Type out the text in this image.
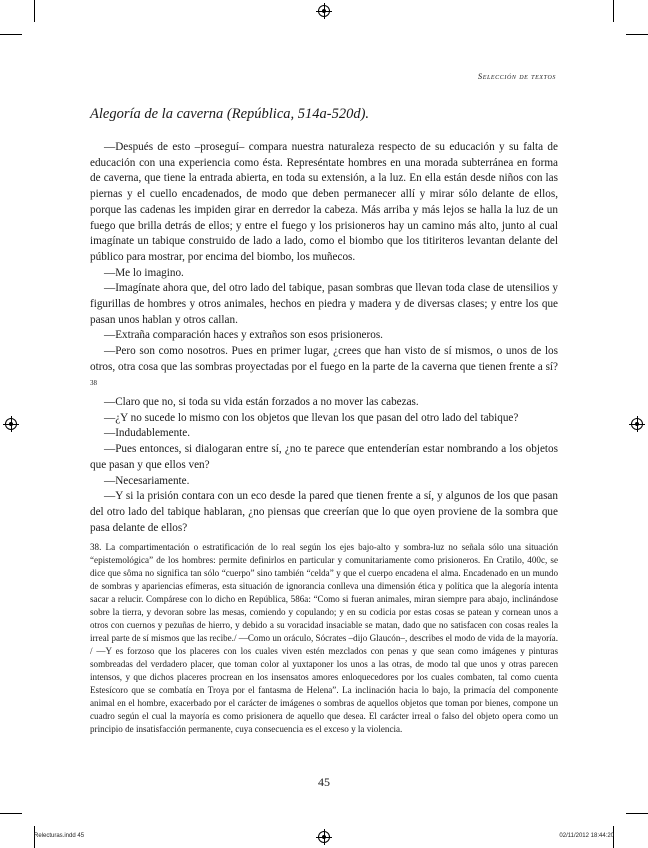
Selección de textos
Alegoría de la caverna (República, 514a-520d).

—Después de esto –proseguí– compara nuestra naturaleza respecto de su educación y su falta de educación con una experiencia como ésta. Represéntate hombres en una morada subterránea en forma de caverna, que tiene la entrada abierta, en toda su extensión, a la luz. En ella están desde niños con las piernas y el cuello encadenados, de modo que deben permanecer allí y mirar sólo delante de ellos, porque las cadenas les impiden girar en derredor la cabeza. Más arriba y más lejos se halla la luz de un fuego que brilla detrás de ellos; y entre el fuego y los prisioneros hay un camino más alto, junto al cual imagínate un tabique construido de lado a lado, como el biombo que los titiriteros levantan delante del público para mostrar, por encima del biombo, los muñecos.

—Me lo imagino.

—Imagínate ahora que, del otro lado del tabique, pasan sombras que llevan toda clase de utensilios y figurillas de hombres y otros animales, hechos en piedra y madera y de diversas clases; y entre los que pasan unos hablan y otros callan.

—Extraña comparación haces y extraños son esos prisioneros.

—Pero son como nosotros. Pues en primer lugar, ¿crees que han visto de sí mismos, o unos de los otros, otra cosa que las sombras proyectadas por el fuego en la parte de la caverna que tienen frente a sí?$^{38}$

—Claro que no, si toda su vida están forzados a no mover las cabezas.

—¿Y no sucede lo mismo con los objetos que llevan los que pasan del otro lado del tabique?

—Indudablemente.

—Pues entonces, si dialogaran entre sí, ¿no te parece que entenderían estar nombrando a los objetos que pasan y que ellos ven?

—Necesariamente.

—Y si la prisión contara con un eco desde la pared que tienen frente a sí, y algunos de los que pasan del otro lado del tabique hablaran, ¿no piensas que creerían que lo que oyen proviene de la sombra que pasa delante de ellos?

38. La compartimentación o estratificación de lo real según los ejes bajo-alto y sombra-luz no señala sólo una situación “epistemológica” de los hombres: permite definirlos en particular y comunitariamente como prisioneros. En Cratilo, 400c, se dice que sôma no significa tan sólo “cuerpo” sino también “celda” y que el cuerpo encadena el alma. Encadenado en un mundo de sombras y apariencias efímeras, esta situación de ignorancia conlleva una dimensión ética y política que la alegoría intenta sacar a relucir. Compárese con lo dicho en República, 586a: “Como si fueran animales, miran siempre para abajo, inclinándose sobre la tierra, y devoran sobre las mesas, comiendo y copulando; y en su codicia por estas cosas se patean y cornean unos a otros con cuernos y pezuñas de hierro, y debido a su voracidad insaciable se matan, dado que no satisfacen con cosas reales la irreal parte de sí mismos que las recibe./ —Como un oráculo, Sócrates –dijo Glaucón–, describes el modo de vida de la mayoría. / —Y es forzoso que los placeres con los cuales viven estén mezclados con penas y que sean como imágenes y pinturas sombreadas del verdadero placer, que toman color al yuxtaponer los unos a las otras, de modo tal que unos y otras parecen intensos, y que dichos placeres procrean en los insensatos amores enloquecedores por los cuales combaten, tal como cuenta Estesícoro que se combatía en Troya por el fantasma de Helena”. La inclinación hacia lo bajo, la primacía del componente animal en el hombre, exacerbado por el carácter de imágenes o sombras de aquellos objetos que toman por bienes, compone un cuadro según el cual la mayoría es como prisionera de aquello que desea. El carácter irreal o falso del objeto opera como un principio de insatisfacción permanente, cuya consecuencia es el exceso y la violencia.
45
Relecturas.indd 45	02/11/2012 18:44:20
